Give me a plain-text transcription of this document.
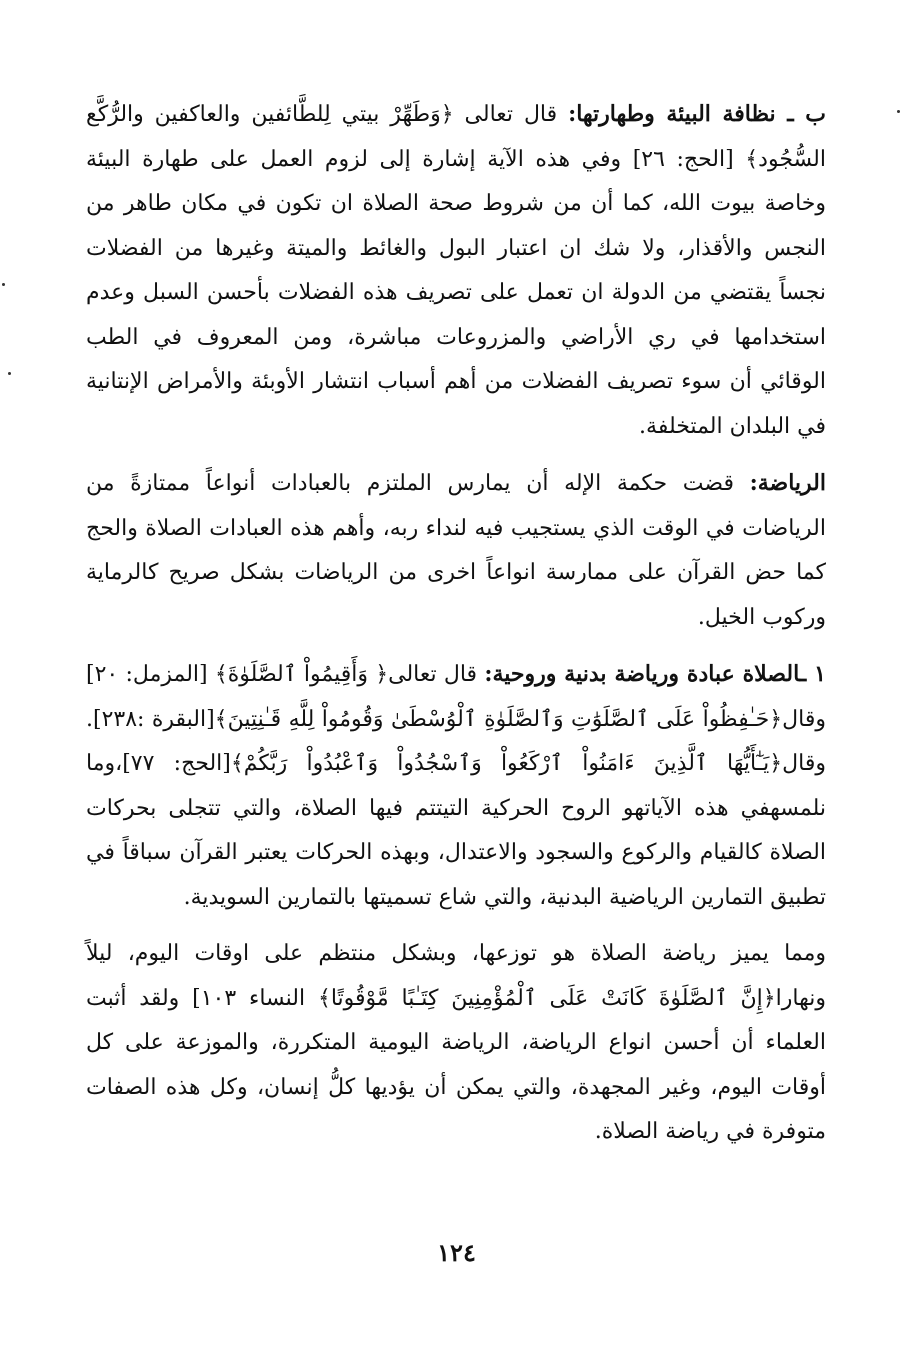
ب ـ نظافة البيئة وطهارتها: قال تعالى ﴿وَطَهِّرْ بيتي لِلطَّائفين والعاكفين والرُّكَّع السُّجُود﴾ [الحج: ٢٦] وفي هذه الآية إشارة إلى لزوم العمل على طهارة البيئة وخاصة بيوت الله، كما أن من شروط صحة الصلاة ان تكون في مكان طاهر من النجس والأقذار، ولا شك ان اعتبار البول والغائط والميتة وغيرها من الفضلات نجساً يقتضي من الدولة ان تعمل على تصريف هذه الفضلات بأحسن السبل وعدم استخدامها في ري الأراضي والمزروعات مباشرة، ومن المعروف في الطب الوقائي أن سوء تصريف الفضلات من أهم أسباب انتشار الأوبئة والأمراض الإنتانية في البلدان المتخلفة.

الرياضة: قضت حكمة الإله أن يمارس الملتزم بالعبادات أنواعاً ممتازةً من الرياضات في الوقت الذي يستجيب فيه لنداء ربه، وأهم هذه العبادات الصلاة والحج كما حض القرآن على ممارسة انواعاً اخرى من الرياضات بشكل صريح كالرماية وركوب الخيل.

١ ـالصلاة عبادة ورياضة بدنية وروحية: قال تعالى﴿ وَأَقِيمُواْ ٱلصَّلَوٰةَ﴾ [المزمل: ٢٠] وقال﴿حَـٰفِظُواْ عَلَى ٱلصَّلَوَٰتِ وَٱلصَّلَوٰةِ ٱلْوُسْطَىٰ وَقُومُواْ لِلَّهِ قَـٰنِتِينَ﴾[البقرة :٢٣٨]. وقال﴿يَـٰٓأَيُّهَا ٱلَّذِينَ ءَامَنُواْ ٱرْكَعُواْ وَٱسْجُدُواْ وَٱعْبُدُواْ رَبَّكُمْ﴾[الحج: ٧٧]،وما نلمسهفي هذه الآياتهو الروح الحركية التيتتم فيها الصلاة، والتي تتجلى بحركات الصلاة كالقيام والركوع والسجود والاعتدال، وبهذه الحركات يعتبر القرآن سباقاً في تطبيق التمارين الرياضية البدنية، والتي شاع تسميتها بالتمارين السويدية.

ومما يميز رياضة الصلاة هو توزعها، وبشكل منتظم على اوقات اليوم، ليلاً ونهارا﴿إِنَّ ٱلصَّلَوٰةَ كَانَتْ عَلَى ٱلْمُؤْمِنِينَ كِتَـٰبًا مَّوْقُوتًا﴾ النساء ١٠٣] ولقد أثبت العلماء أن أحسن انواع الرياضة، الرياضة اليومية المتكررة، والموزعة على كل أوقات اليوم، وغير المجهدة، والتي يمكن أن يؤديها كلُّ إنسان، وكل هذه الصفات متوفرة في رياضة الصلاة.

١٢٤
